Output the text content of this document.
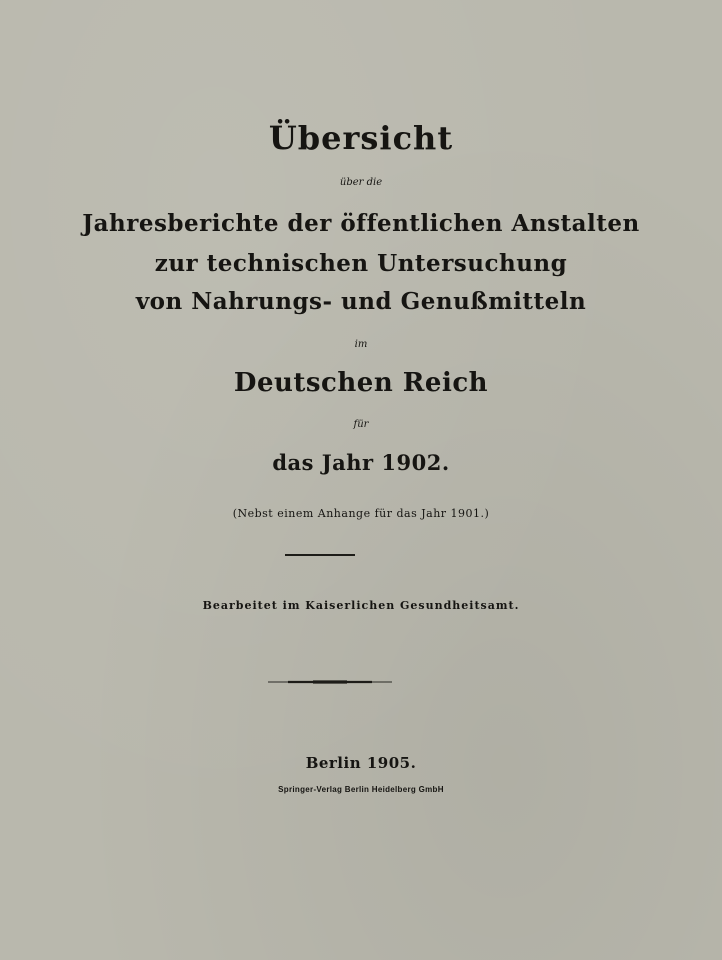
Übersicht
über die
Jahresberichte der öffentlichen Anstalten
zur technischen Untersuchung
von Nahrungs- und Genußmitteln
im
Deutschen Reich
für
das Jahr 1902.
(Nebst einem Anhange für das Jahr 1901.)
Bearbeitet im Kaiserlichen Gesundheitsamt.
Berlin 1905.
Springer-Verlag Berlin Heidelberg GmbH
